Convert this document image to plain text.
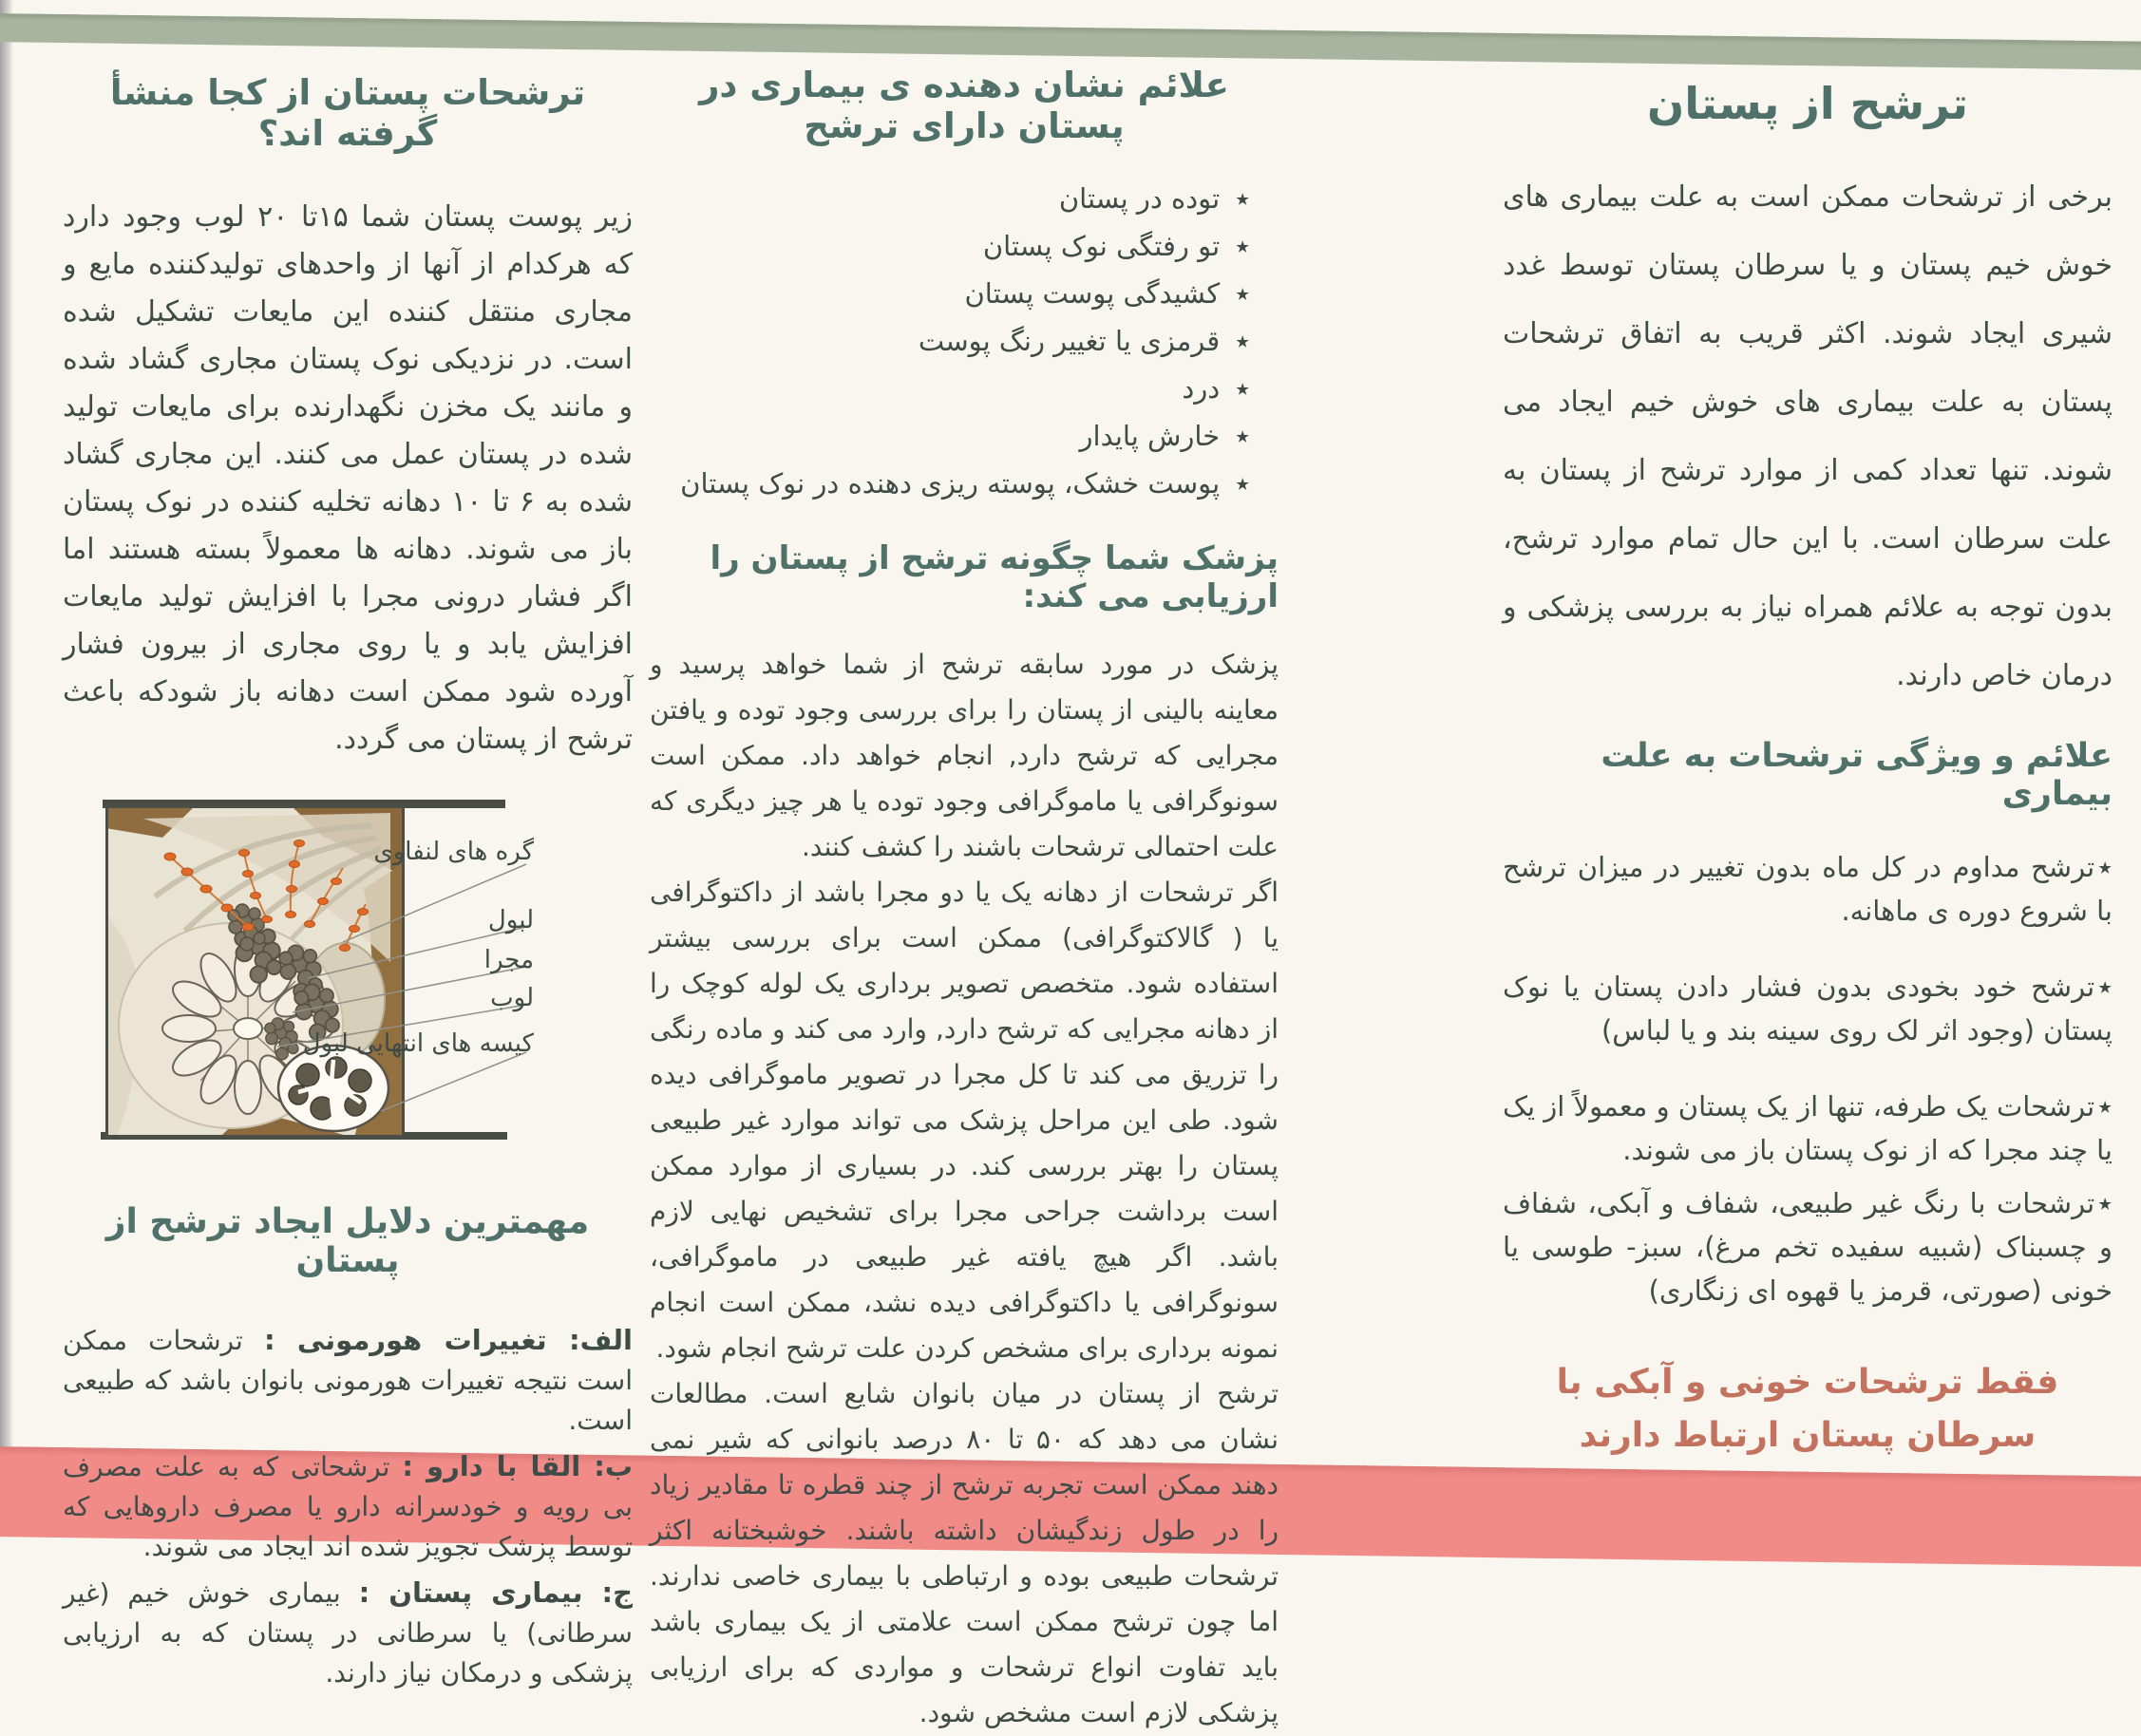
ترشح از پستان

برخی از ترشحات ممکن است به علت بیماری های خوش خیم پستان و یا سرطان پستان توسط غدد شیری ایجاد شوند. اکثر قریب به اتفاق ترشحات پستان به علت بیماری های خوش خیم ایجاد می شوند. تنها تعداد کمی از موارد ترشح از پستان به علت سرطان است. با این حال تمام موارد ترشح، بدون توجه به علائم همراه نیاز به بررسی پزشکی و درمان خاص دارند.

علائم و ویژگی ترشحات به علت بیماری

٭ترشح مداوم در کل ماه بدون تغییر در میزان ترشح با شروع دوره ی ماهانه.

٭ترشح خود بخودی بدون فشار دادن پستان یا نوک پستان (وجود اثر لک روی سینه بند و یا لباس)

٭ترشحات یک طرفه، تنها از یک پستان و معمولاً از یک یا چند مجرا که از نوک پستان باز می شوند.

٭ترشحات با رنگ غیر طبیعی، شفاف و آبکی، شفاف و چسبناک (شبیه سفیده تخم مرغ)، سبز- طوسی یا خونی (صورتی، قرمز یا قهوه ای زنگاری)

فقط ترشحات خونی و آبکی با سرطان پستان ارتباط دارند

علائم نشان دهنده ی بیماری در پستان دارای ترشح
٭توده در پستان
٭تو رفتگی نوک پستان
٭کشیدگی پوست پستان
٭قرمزی یا تغییر رنگ پوست
٭درد
٭خارش پایدار
٭پوست خشک، پوسته ریزی دهنده در نوک پستان
پزشک شما چگونه ترشح از پستان را ارزیابی می کند:

پزشک در مورد سابقه ترشح از شما خواهد پرسید و معاینه بالینی از پستان را برای بررسی وجود توده و یافتن مجرایی که ترشح دارد, انجام خواهد داد. ممکن است سونوگرافی یا ماموگرافی وجود توده یا هر چیز دیگری که علت احتمالی ترشحات باشند را کشف کنند.

اگر ترشحات از دهانه یک یا دو مجرا باشد از داکتوگرافی یا ( گالاکتوگرافی) ممکن است برای بررسی بیشتر استفاده شود. متخصص تصویر برداری یک لوله کوچک را از دهانه مجرایی که ترشح دارد, وارد می کند و ماده رنگی را تزریق می کند تا کل مجرا در تصویر ماموگرافی دیده شود. طی این مراحل پزشک می تواند موارد غیر طبیعی پستان را بهتر بررسی کند. در بسیاری از موارد ممکن است برداشت جراحی مجرا برای تشخیص نهایی لازم باشد. اگر هیچ یافته غیر طبیعی در ماموگرافی، سونوگرافی یا داکتوگرافی دیده نشد، ممکن است انجام نمونه برداری برای مشخص کردن علت ترشح انجام شود.

ترشح از پستان در میان بانوان شایع است. مطالعات نشان می دهد که ۵۰ تا ۸۰ درصد بانوانی که شیر نمی دهند ممکن است تجربه ترشح از چند قطره تا مقادیر زیاد را در طول زندگیشان داشته باشند. خوشبختانه اکثر ترشحات طبیعی بوده و ارتباطی با بیماری خاصی ندارند. اما چون ترشح ممکن است علامتی از یک بیماری باشد باید تفاوت انواع ترشحات و مواردی که برای ارزیابی پزشکی لازم است مشخص شود.

ترشحات پستان از کجا منشأ گرفته اند؟

زیر پوست پستان شما ۱۵تا ۲۰ لوب وجود دارد که هرکدام از آنها از واحدهای تولیدکننده مایع و مجاری منتقل کننده این مایعات تشکیل شده است. در نزدیکی نوک پستان مجاری گشاد شده و مانند یک مخزن نگهدارنده برای مایعات تولید شده در پستان عمل می کنند. این مجاری گشاد شده به ۶ تا ۱۰ دهانه تخلیه کننده در نوک پستان باز می شوند. دهانه ها معمولاً بسته هستند اما اگر فشار درونی مجرا با افزایش تولید مایعات افزایش یابد و یا روی مجاری از بیرون فشار آورده شود ممکن است دهانه باز شودکه باعث ترشح از پستان می گردد.

گره های لنفاوی
لبول
مجرا
لوب
کیسه های انتهایی لبول
مهمترین دلایل ایجاد ترشح از پستان

الف: تغییرات هورمونی : ترشحات ممکن است نتیجه تغییرات هورمونی بانوان باشد که طبیعی است.

ب: القا با دارو : ترشحاتی که به علت مصرف بی رویه و خودسرانه دارو یا مصرف داروهایی که توسط پزشک تجویز شده اند ایجاد می شوند.

ج: بیماری پستان : بیماری خوش خیم (غیر سرطانی) یا سرطانی در پستان که به ارزیابی پزشکی و درمکان نیاز دارند.
